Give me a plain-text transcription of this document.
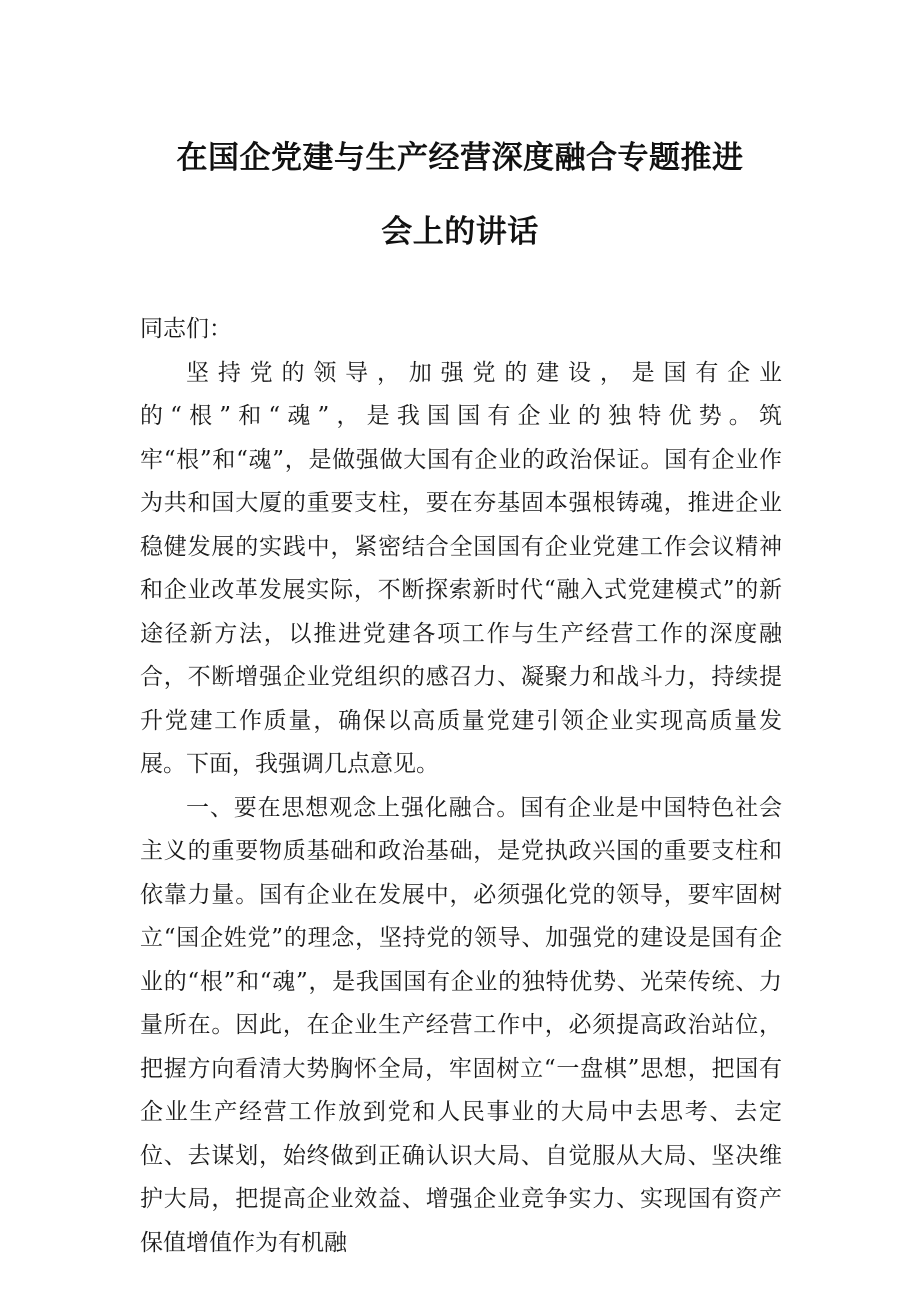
在国企党建与生产经营深度融合专题推进
会上的讲话

同志们：

坚持党的领导，加强党的建设，是国有企业的“根”和“魂”，是我国国有企业的独特优势。筑牢“根”和“魂”，是做强做大国有企业的政治保证。国有企业作为共和国大厦的重要支柱，要在夯基固本强根铸魂，推进企业稳健发展的实践中，紧密结合全国国有企业党建工作会议精神和企业改革发展实际，不断探索新时代“融入式党建模式”的新途径新方法，以推进党建各项工作与生产经营工作的深度融合，不断增强企业党组织的感召力、凝聚力和战斗力，持续提升党建工作质量，确保以高质量党建引领企业实现高质量发展。下面，我强调几点意见。

一、要在思想观念上强化融合。国有企业是中国特色社会主义的重要物质基础和政治基础，是党执政兴国的重要支柱和依靠力量。国有企业在发展中，必须强化党的领导，要牢固树立“国企姓党”的理念，坚持党的领导、加强党的建设是国有企业的“根”和“魂”，是我国国有企业的独特优势、光荣传统、力量所在。因此，在企业生产经营工作中，必须提高政治站位，把握方向看清大势胸怀全局，牢固树立“一盘棋”思想，把国有企业生产经营工作放到党和人民事业的大局中去思考、去定位、去谋划，始终做到正确认识大局、自觉服从大局、坚决维护大局，把提高企业效益、增强企业竞争实力、实现国有资产保值增值作为有机融
